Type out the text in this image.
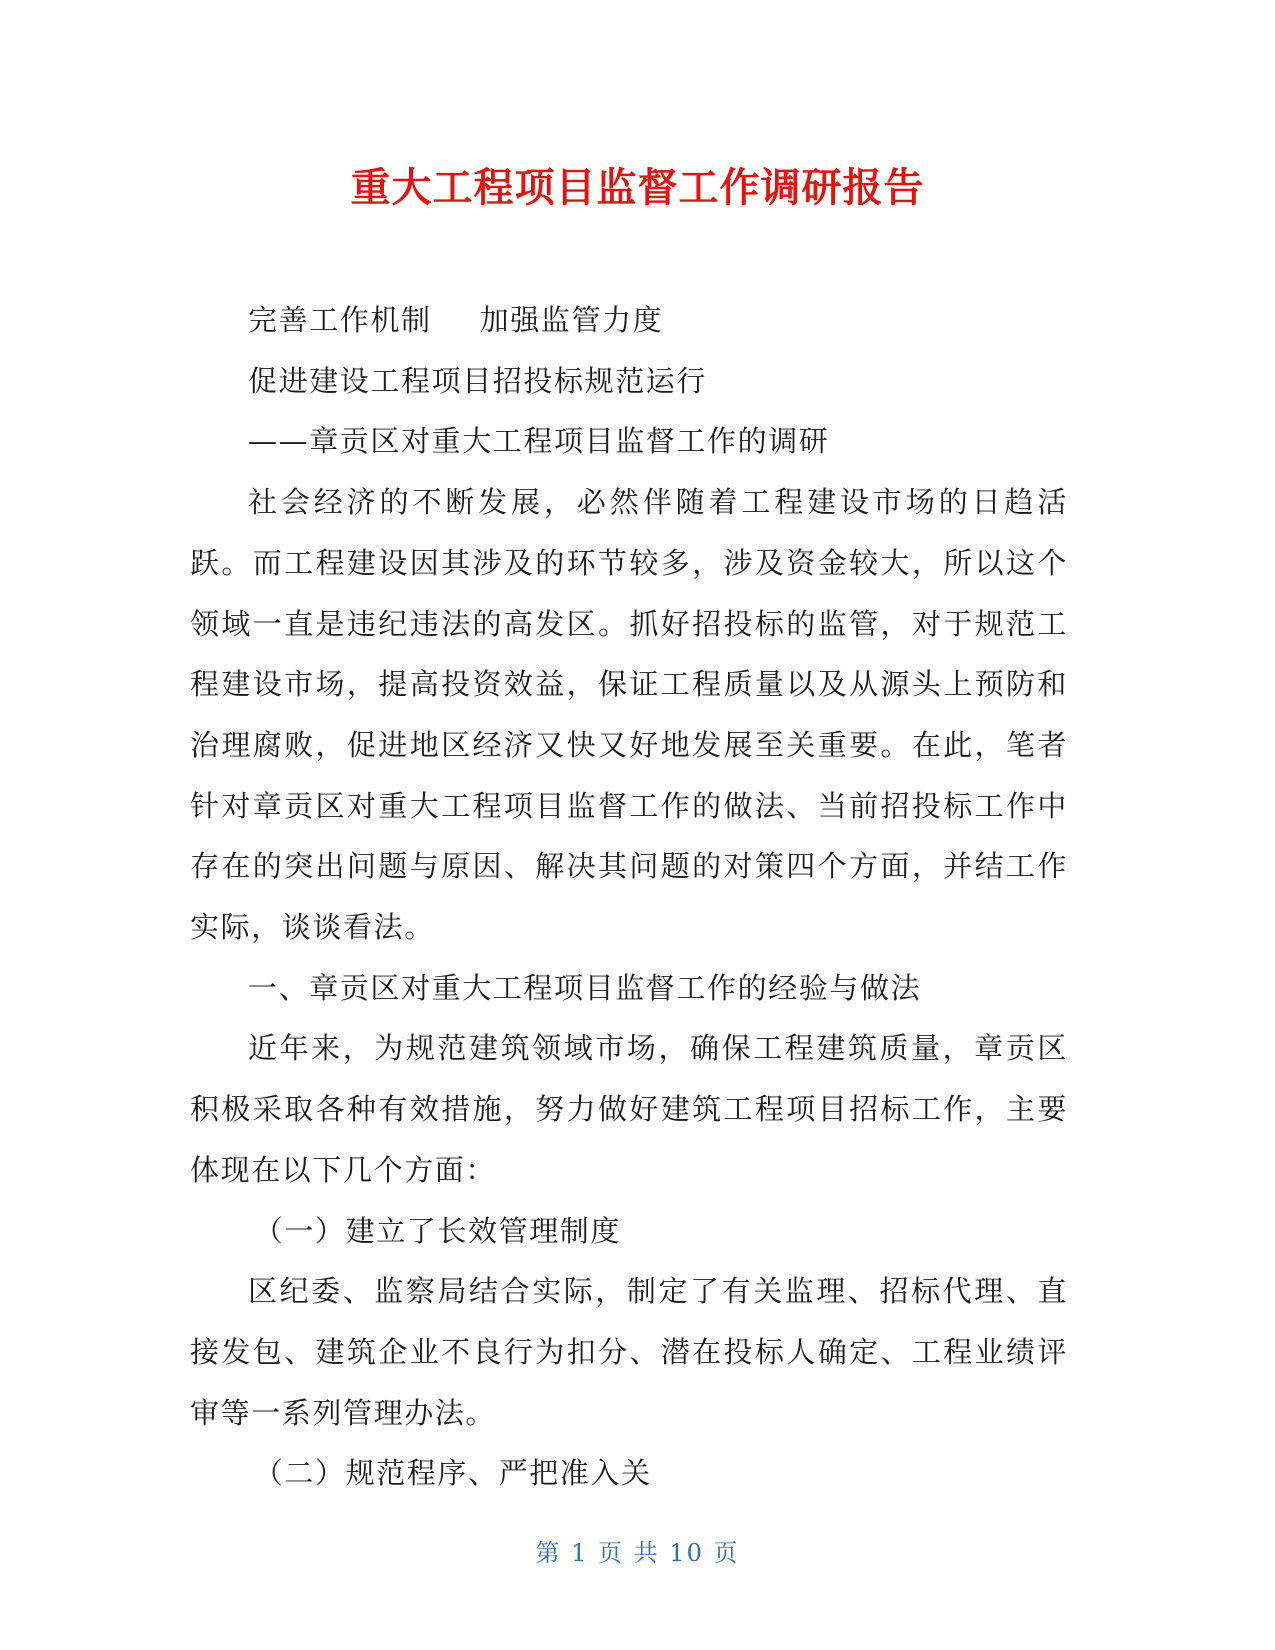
重大工程项目监督工作调研报告

完善工作机制 加强监管力度

促进建设工程项目招投标规范运行

——章贡区对重大工程项目监督工作的调研

社会经济的不断发展，必然伴随着工程建设市场的日趋活跃。而工程建设因其涉及的环节较多，涉及资金较大，所以这个领域一直是违纪违法的高发区。抓好招投标的监管，对于规范工程建设市场，提高投资效益，保证工程质量以及从源头上预防和治理腐败，促进地区经济又快又好地发展至关重要。在此，笔者针对章贡区对重大工程项目监督工作的做法、当前招投标工作中存在的突出问题与原因、解决其问题的对策四个方面，并结工作实际，谈谈看法。

一、章贡区对重大工程项目监督工作的经验与做法

近年来，为规范建筑领域市场，确保工程建筑质量，章贡区积极采取各种有效措施，努力做好建筑工程项目招标工作，主要体现在以下几个方面：

（一）建立了长效管理制度

区纪委、监察局结合实际，制定了有关监理、招标代理、直接发包、建筑企业不良行为扣分、潜在投标人确定、工程业绩评审等一系列管理办法。

（二）规范程序、严把准入关

第 1 页 共 10 页
